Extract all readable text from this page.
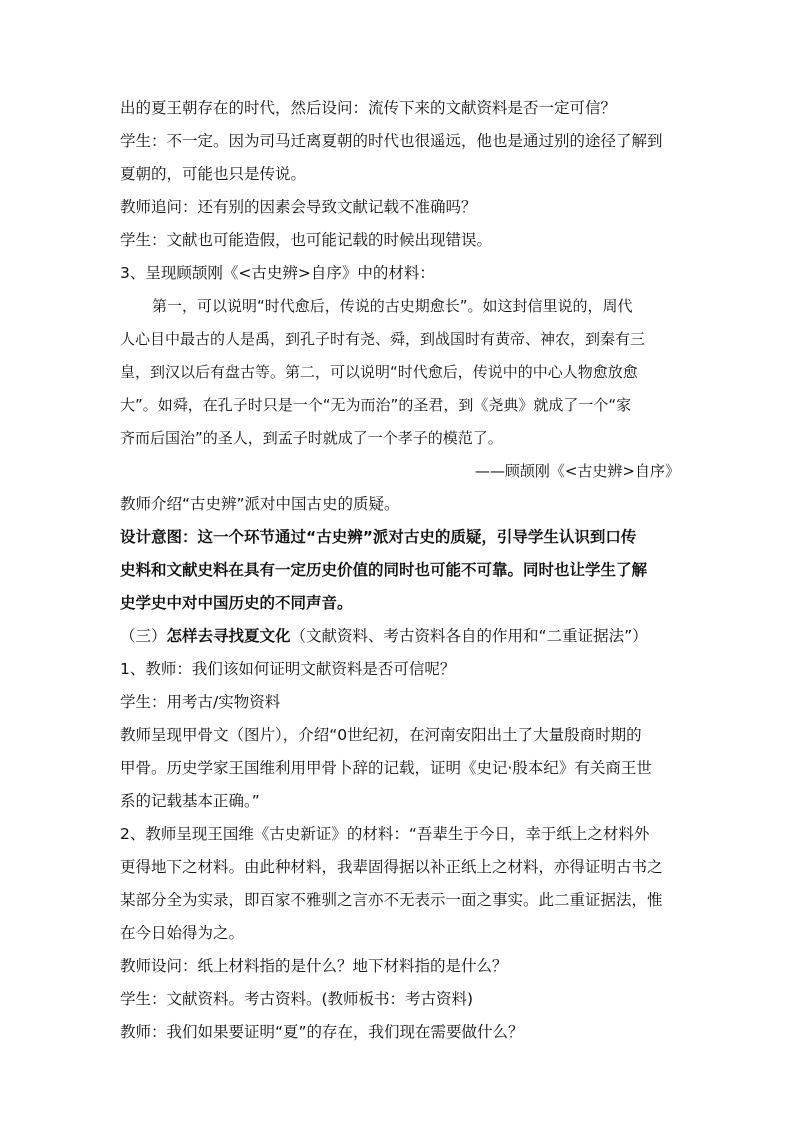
出的夏王朝存在的时代，然后设问：流传下来的文献资料是否一定可信？

学生：不一定。因为司马迁离夏朝的时代也很遥远，他也是通过别的途径了解到

夏朝的，可能也只是传说。

教师追问：还有别的因素会导致文献记载不准确吗？

学生：文献也可能造假，也可能记载的时候出现错误。

3、呈现顾颉刚《<古史辨>自序》中的材料：

第一，可以说明“时代愈后，传说的古史期愈长”。如这封信里说的，周代

人心目中最古的人是禹，到孔子时有尧、舜，到战国时有黄帝、神农，到秦有三

皇，到汉以后有盘古等。第二，可以说明“时代愈后，传说中的中心人物愈放愈

大”。如舜，在孔子时只是一个“无为而治”的圣君，到《尧典》就成了一个“家

齐而后国治”的圣人，到孟子时就成了一个孝子的模范了。

——顾颉刚《<古史辨>自序》

教师介绍“古史辨”派对中国古史的质疑。

设计意图：这一个环节通过“古史辨”派对古史的质疑，引导学生认识到口传

史料和文献史料在具有一定历史价值的同时也可能不可靠。同时也让学生了解

史学史中对中国历史的不同声音。

（三）怎样去寻找夏文化（文献资料、考古资料各自的作用和“二重证据法”）

1、教师：我们该如何证明文献资料是否可信呢？

学生：用考古/实物资料

教师呈现甲骨文（图片），介绍“0世纪初，在河南安阳出土了大量殷商时期的

甲骨。历史学家王国维利用甲骨卜辞的记载，证明《史记·殷本纪》有关商王世

系的记载基本正确。”

2、教师呈现王国维《古史新证》的材料：“吾辈生于今日，幸于纸上之材料外

更得地下之材料。由此种材料，我辈固得据以补正纸上之材料，亦得证明古书之

某部分全为实录，即百家不雅驯之言亦不无表示一面之事实。此二重证据法，惟

在今日始得为之。

教师设问：纸上材料指的是什么？地下材料指的是什么？

学生：文献资料。考古资料。(教师板书：考古资料)

教师：我们如果要证明“夏”的存在，我们现在需要做什么？
